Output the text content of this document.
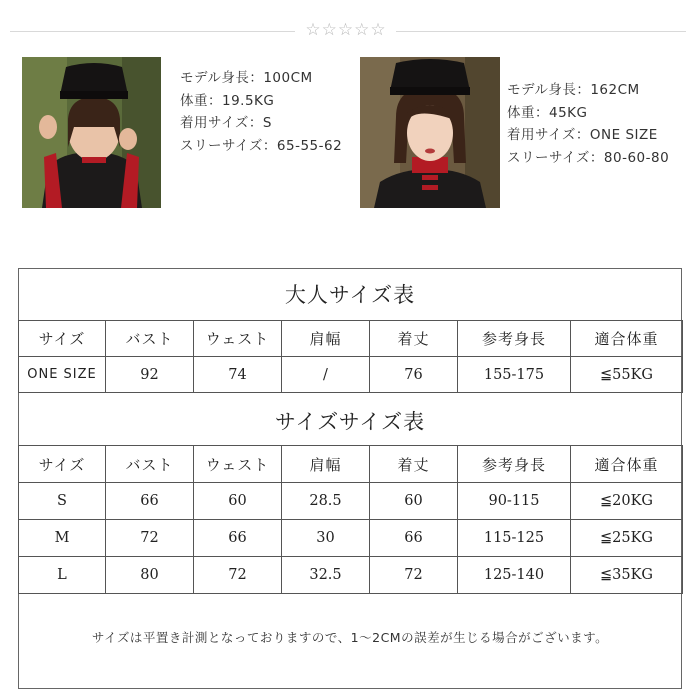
☆☆☆☆☆
モデル身長：100CM
体重：19.5KG
着用サイズ：S
スリーサイズ：65-55-62
モデル身長：162CM
体重：45KG
着用サイズ：ONE SIZE
スリーサイズ：80-60-80
大人サイズ表
サイズ	バスト	ウェスト	肩幅	着丈	参考身長	適合体重
ONE SIZE	92	74	/	76	155-175	≦55KG
サイズサイズ表
サイズ	バスト	ウェスト	肩幅	着丈	参考身長	適合体重
S	66	60	28.5	60	90-115	≦20KG
M	72	66	30	66	115-125	≦25KG
L	80	72	32.5	72	125-140	≦35KG
サイズは平置き計測となっておりますので、1～2CMの誤差が生じる場合がございます。
